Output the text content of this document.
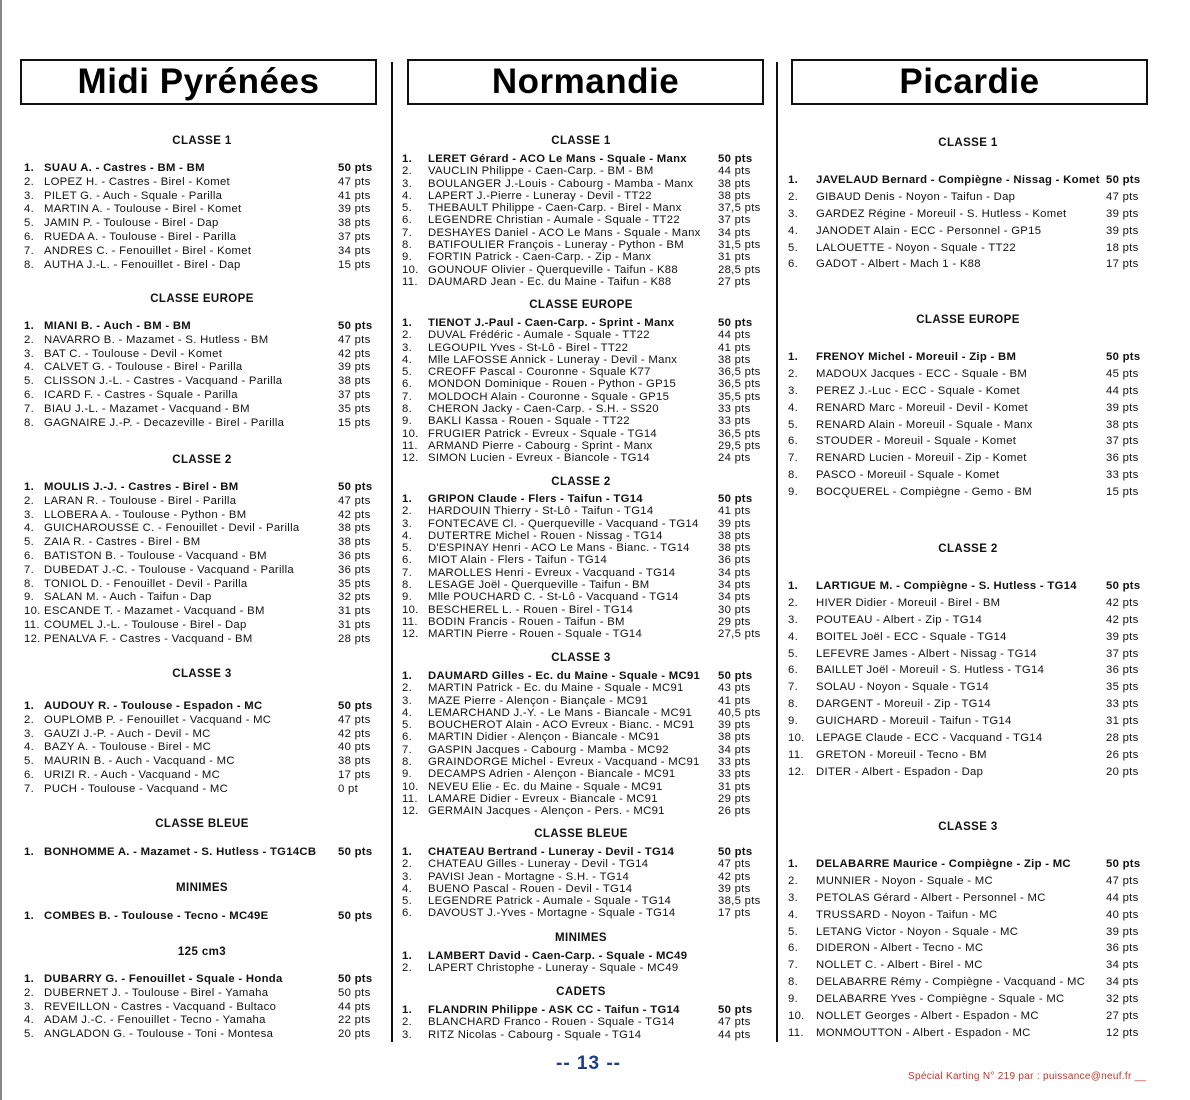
Midi Pyrénées	Normandie	Picardie
CLASSE 1
1. SUAU A. - Castres - BM - BM	50 pts
2. LOPEZ H. - Castres - Birel - Komet	47 pts
3. PILET G. - Auch - Squale - Parilla	41 pts
4. MARTIN A. - Toulouse - Birel - Komet	39 pts
5. JAMIN P. - Toulouse - Birel - Dap	38 pts
6. RUEDA A. - Toulouse - Birel - Parilla	37 pts
7. ANDRES C. - Fenouillet - Birel - Komet	34 pts
8. AUTHA J.-L. - Fenouillet - Birel - Dap	15 pts
CLASSE EUROPE
1. MIANI B. - Auch - BM - BM	50 pts
2. NAVARRO B. - Mazamet - S. Hutless - BM	47 pts
3. BAT C. - Toulouse - Devil - Komet	42 pts
4. CALVET G. - Toulouse - Birel - Parilla	39 pts
5. CLISSON J.-L. - Castres - Vacquand - Parilla	38 pts
6. ICARD F. - Castres - Squale - Parilla	37 pts
7. BIAU J.-L. - Mazamet - Vacquand - BM	35 pts
8. GAGNAIRE J.-P. - Decazeville - Birel - Parilla	15 pts
CLASSE 2
1. MOULIS J.-J. - Castres - Birel - BM	50 pts
2. LARAN R. - Toulouse - Birel - Parilla	47 pts
3. LLOBERA A. - Toulouse - Python - BM	42 pts
4. GUICHAROUSSE C. - Fenouillet - Devil - Parilla	38 pts
5. ZAIA R. - Castres - Birel - BM	38 pts
6. BATISTON B. - Toulouse - Vacquand - BM	36 pts
7. DUBEDAT J.-C. - Toulouse - Vacquand - Parilla	36 pts
8. TONIOL D. - Fenouillet - Devil - Parilla	35 pts
9. SALAN M. - Auch - Taifun - Dap	32 pts
10. ESCANDE T. - Mazamet - Vacquand - BM	31 pts
11. COUMEL J.-L. - Toulouse - Birel - Dap	31 pts
12. PENALVA F. - Castres - Vacquand - BM	28 pts
CLASSE 3
1. AUDOUY R. - Toulouse - Espadon - MC	50 pts
2. OUPLOMB P. - Fenouillet - Vacquand - MC	47 pts
3. GAUZI J.-P. - Auch - Devil - MC	42 pts
4. BAZY A. - Toulouse - Birel - MC	40 pts
5. MAURIN B. - Auch - Vacquand - MC	38 pts
6. URIZI R. - Auch - Vacquand - MC	17 pts
7. PUCH - Toulouse - Vacquand - MC	0 pt
CLASSE BLEUE
1. BONHOMME A. - Mazamet - S. Hutless - TG14CB	50 pts
MINIMES
1. COMBES B. - Toulouse - Tecno - MC49E	50 pts
125 cm3
1. DUBARRY G. - Fenouillet - Squale - Honda	50 pts
2. DUBERNET J. - Toulouse - Birel - Yamaha	50 pts
3. REVEILLON - Castres - Vacquand - Bultaco	44 pts
4. ADAM J.-C. - Fenouillet - Tecno - Yamaha	22 pts
5. ANGLADON G. - Toulouse - Toni - Montesa	20 pts
CLASSE 1
1.	LERET Gérard - ACO Le Mans - Squale - Manx	50 pts
2.	VAUCLIN Philippe - Caen-Carp. - BM - BM	44 pts
3.	BOULANGER J.-Louis - Cabourg - Mamba - Manx	38 pts
4.	LAPERT J.-Pierre - Luneray - Devil - TT22	38 pts
5.	THEBAULT Philippe - Caen-Carp. - Birel - Manx	37,5 pts
6.	LEGENDRE Christian - Aumale - Squale - TT22	37 pts
7.	DESHAYES Daniel - ACO Le Mans - Squale - Manx	34 pts
8.	BATIFOULIER François - Luneray - Python - BM	31,5 pts
9.	FORTIN Patrick - Caen-Carp. - Zip - Manx	31 pts
10. GOUNOUF Olivier - Querqueville - Taifun - K88	28,5 pts
11. DAUMARD Jean - Ec. du Maine - Taifun - K88	27 pts
CLASSE EUROPE
1.	TIENOT J.-Paul - Caen-Carp. - Sprint - Manx	50 pts
2.	DUVAL Frédéric - Aumale - Squale - TT22	44 pts
3.	LEGOUPIL Yves - St-Lô - Birel - TT22	41 pts
4.	Mlle LAFOSSE Annick - Luneray - Devil - Manx	38 pts
5.	CREOFF Pascal - Couronne - Squale K77	36,5 pts
6.	MONDON Dominique - Rouen - Python - GP15	36,5 pts
7.	MOLDOCH Alain - Couronne - Squale - GP15	35,5 pts
8.	CHERON Jacky - Caen-Carp. - S.H. - SS20	33 pts
9.	BAKLI Kassa - Rouen - Squale - TT22	33 pts
10. FRUGIER Patrick - Evreux - Squale - TG14	36,5 pts
11. ARMAND Pierre - Cabourg - Sprint - Manx	29,5 pts
12. SIMON Lucien - Evreux - Biancole - TG14	24 pts
CLASSE 2
1.	GRIPON Claude - Flers - Taifun - TG14	50 pts
2.	HARDOUIN Thierry - St-Lô - Taifun - TG14	41 pts
3.	FONTECAVE Cl. - Querqueville - Vacquand - TG14	39 pts
4.	DUTERTRE Michel - Rouen - Nissag - TG14	38 pts
5.	D'ESPINAY Henri - ACO Le Mans - Bianc. - TG14	38 pts
6.	MIOT Alain - Flers - Taifun - TG14	36 pts
7.	MAROLLES Henri - Evreux - Vacquand - TG14	34 pts
8.	LESAGE Joël - Querqueville - Taifun - BM	34 pts
9.	Mlle POUCHARD C. - St-Lô - Vacquand - TG14	34 pts
10. BESCHEREL L. - Rouen - Birel - TG14	30 pts
11. BODIN Francis - Rouen - Taifun - BM	29 pts
12. MARTIN Pierre - Rouen - Squale - TG14	27,5 pts
CLASSE 3
1.	DAUMARD Gilles - Ec. du Maine - Squale - MC91	50 pts
2.	MARTIN Patrick - Ec. du Maine - Squale - MC91	43 pts
3.	MAZE Pierre - Alençon - Biançale - MC91	41 pts
4.	LEMARCHAND J.-Y. - Le Mans - Biancale - MC91	40,5 pts
5.	BOUCHEROT Alain - ACO Evreux - Bianc. - MC91	39 pts
6.	MARTIN Didier - Alençon - Biancale - MC91	38 pts
7.	GASPIN Jacques - Cabourg - Mamba - MC92	34 pts
8.	GRAINDORGE Michel - Evreux - Vacquand - MC91	33 pts
9.	DECAMPS Adrien - Alençon - Biancale - MC91	33 pts
10. NEVEU Elie - Ec. du Maine - Squale - MC91	31 pts
11. LAMARE Didier - Evreux - Biancale - MC91	29 pts
12. GERMAIN Jacques - Alençon - Pers. - MC91	26 pts
CLASSE BLEUE
1.	CHATEAU Bertrand - Luneray - Devil - TG14	50 pts
2.	CHATEAU Gilles - Luneray - Devil - TG14	47 pts
3.	PAVISI Jean - Mortagne - S.H. - TG14	42 pts
4.	BUENO Pascal - Rouen - Devil - TG14	39 pts
5.	LEGENDRE Patrick - Aumale - Squale - TG14	38,5 pts
6.	DAVOUST J.-Yves - Mortagne - Squale - TG14	17 pts
MINIMES
1.	LAMBERT David - Caen-Carp. - Squale - MC49
2.	LAPERT Christophe - Luneray - Squale - MC49
CADETS
1.	FLANDRIN Philippe - ASK CC - Taifun - TG14	50 pts
2.	BLANCHARD Franco - Rouen - Squale - TG14	47 pts
3.	RITZ Nicolas - Cabourg - Squale - TG14	44 pts
CLASSE 1
1.	JAVELAUD Bernard - Compiègne - Nissag - Komet 50 pts
2.	GIBAUD Denis - Noyon - Taifun - Dap	47 pts
3.	GARDEZ Régine - Moreuil - S. Hutless - Komet	39 pts
4.	JANODET Alain - ECC - Personnel - GP15	39 pts
5.	LALOUETTE - Noyon - Squale - TT22	18 pts
6.	GADOT - Albert - Mach 1 - K88	17 pts
CLASSE EUROPE
1.	FRENOY Michel - Moreuil - Zip - BM	50 pts
2.	MADOUX Jacques - ECC - Squale - BM	45 pts
3.	PEREZ J.-Luc - ECC - Squale - Komet	44 pts
4.	RENARD Marc - Moreuil - Devil - Komet	39 pts
5.	RENARD Alain - Moreuil - Squale - Manx	38 pts
6.	STOUDER - Moreuil - Squale - Komet	37 pts
7.	RENARD Lucien - Moreuil - Zip - Komet	36 pts
8.	PASCO - Moreuil - Squale - Komet	33 pts
9.	BOCQUEREL - Compiègne - Gemo - BM	15 pts
CLASSE 2
1.	LARTIGUE M. - Compiègne - S. Hutless - TG14	50 pts
2.	HIVER Didier - Moreuil - Birel - BM	42 pts
3.	POUTEAU - Albert - Zip - TG14	42 pts
4.	BOITEL Joël - ECC - Squale - TG14	39 pts
5.	LEFEVRE James - Albert - Nissag - TG14	37 pts
6.	BAILLET Joël - Moreuil - S. Hutless - TG14	36 pts
7.	SOLAU - Noyon - Squale - TG14	35 pts
8.	DARGENT - Moreuil - Zip - TG14	33 pts
9.	GUICHARD - Moreuil - Taifun - TG14	31 pts
10.	LEPAGE Claude - ECC - Vacquand - TG14	28 pts
11.	GRETON - Moreuil - Tecno - BM	26 pts
12.	DITER - Albert - Espadon - Dap	20 pts
CLASSE 3
1.	DELABARRE Maurice - Compiègne - Zip - MC	50 pts
2.	MUNNIER - Noyon - Squale - MC	47 pts
3.	PETOLAS Gérard - Albert - Personnel - MC	44 pts
4.	TRUSSARD - Noyon - Taifun - MC	40 pts
5.	LETANG Victor - Noyon - Squale - MC	39 pts
6.	DIDERON - Albert - Tecno - MC	36 pts
7.	NOLLET C. - Albert - Birel - MC	34 pts
8.	DELABARRE Rémy - Compiègne - Vacquand - MC	34 pts
9.	DELABARRE Yves - Compiègne - Squale - MC	32 pts
10.	NOLLET Georges - Albert - Espadon - MC	27 pts
11.	MONMOUTTON - Albert - Espadon - MC	12 pts
-- 13 --
Spécial Karting N° 219 par : puissance@neuf.fr __
